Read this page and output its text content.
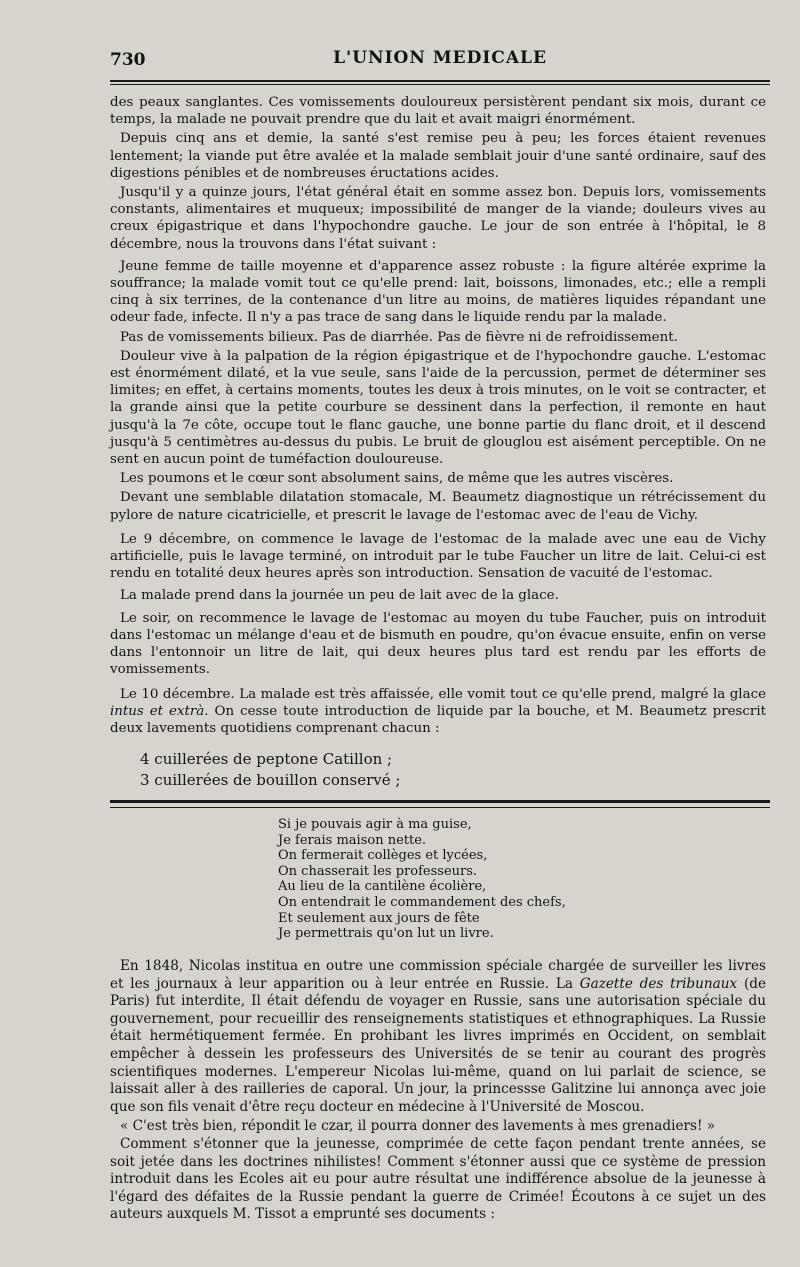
730	L'UNION MEDICALE

des peaux sanglantes. Ces vomissements douloureux persistèrent pendant six mois, durant ce temps, la malade ne pouvait prendre que du lait et avait maigri énormément.

Depuis cinq ans et demie, la santé s'est remise peu à peu; les forces étaient revenues lentement; la viande put être avalée et la malade semblait jouir d'une santé ordinaire, sauf des digestions pénibles et de nombreuses éructations acides.

Jusqu'il y a quinze jours, l'état général était en somme assez bon. Depuis lors, vomissements constants, alimentaires et muqueux; impossibilité de manger de la viande; douleurs vives au creux épigastrique et dans l'hypochondre gauche. Le jour de son entrée à l'hôpital, le 8 décembre, nous la trouvons dans l'état suivant :

Jeune femme de taille moyenne et d'apparence assez robuste : la figure altérée exprime la souffrance; la malade vomit tout ce qu'elle prend: lait, boissons, limonades, etc.; elle a rempli cinq à six terrines, de la contenance d'un litre au moins, de matières liquides répandant une odeur fade, infecte. Il n'y a pas trace de sang dans le liquide rendu par la malade.

Pas de vomissements bilieux. Pas de diarrhée. Pas de fièvre ni de refroidissement.

Douleur vive à la palpation de la région épigastrique et de l'hypochondre gauche. L'estomac est énormément dilaté, et la vue seule, sans l'aide de la percussion, permet de déterminer ses limites; en effet, à certains moments, toutes les deux à trois minutes, on le voit se contracter, et la grande ainsi que la petite courbure se dessinent dans la perfection, il remonte en haut jusqu'à la 7e côte, occupe tout le flanc gauche, une bonne partie du flanc droit, et il descend jusqu'à 5 centimètres au-dessus du pubis. Le bruit de glouglou est aisément perceptible. On ne sent en aucun point de tuméfaction douloureuse.

Les poumons et le cœur sont absolument sains, de même que les autres viscères.

Devant une semblable dilatation stomacale, M. Beaumetz diagnostique un rétrécissement du pylore de nature cicatricielle, et prescrit le lavage de l'estomac avec de l'eau de Vichy.

Le 9 décembre, on commence le lavage de l'estomac de la malade avec une eau de Vichy artificielle, puis le lavage terminé, on introduit par le tube Faucher un litre de lait. Celui-ci est rendu en totalité deux heures après son introduction. Sensation de vacuité de l'estomac.

La malade prend dans la journée un peu de lait avec de la glace.

Le soir, on recommence le lavage de l'estomac au moyen du tube Faucher, puis on introduit dans l'estomac un mélange d'eau et de bismuth en poudre, qu'on évacue ensuite, enfin on verse dans l'entonnoir un litre de lait, qui deux heures plus tard est rendu par les efforts de vomissements.

Le 10 décembre. La malade est très affaissée, elle vomit tout ce qu'elle prend, malgré la glace intus et extrà. On cesse toute introduction de liquide par la bouche, et M. Beaumetz prescrit deux lavements quotidiens comprenant chacun :

4 cuillerées de peptone Catillon ;
3 cuillerées de bouillon conservé ;
Si je pouvais agir à ma guise,
Je ferais maison nette.
On fermerait collèges et lycées,
On chasserait les professeurs.
Au lieu de la cantilène écolière,
On entendrait le commandement des chefs,
Et seulement aux jours de fête
Je permettrais qu'on lut un livre.

En 1848, Nicolas institua en outre une commission spéciale chargée de surveiller les livres et les journaux à leur apparition ou à leur entrée en Russie. La Gazette des tribunaux (de Paris) fut interdite, Il était défendu de voyager en Russie, sans une autorisation spéciale du gouvernement, pour recueillir des renseignements statistiques et ethnographiques. La Russie était hermétiquement fermée. En prohibant les livres imprimés en Occident, on semblait empêcher à dessein les professeurs des Universités de se tenir au courant des progrès scientifiques modernes. L'empereur Nicolas lui-même, quand on lui parlait de science, se laissait aller à des railleries de caporal. Un jour, la princessse Galitzine lui annonça avec joie que son fils venait d'être reçu docteur en médecine à l'Université de Moscou.

« C'est très bien, répondit le czar, il pourra donner des lavements à mes grenadiers! »

Comment s'étonner que la jeunesse, comprimée de cette façon pendant trente années, se soit jetée dans les doctrines nihilistes! Comment s'étonner aussi que ce système de pression introduit dans les Ecoles ait eu pour autre résultat une indifférence absolue de la jeunesse à l'égard des défaites de la Russie pendant la guerre de Crimée! Écoutons à ce sujet un des auteurs auxquels M. Tissot a emprunté ses documents :
